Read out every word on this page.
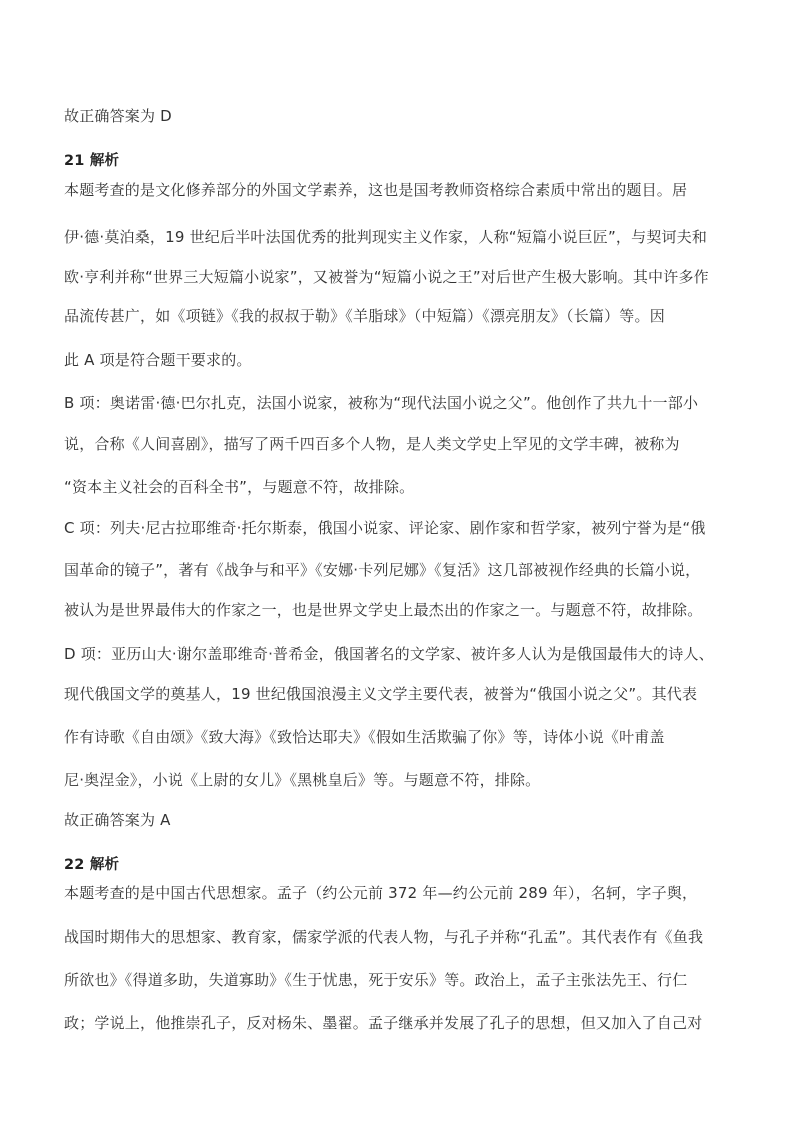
故正确答案为 D
21 解析
本题考查的是文化修养部分的外国文学素养，这也是国考教师资格综合素质中常出的题目。居
伊·德·莫泊桑，19 世纪后半叶法国优秀的批判现实主义作家，人称“短篇小说巨匠”，与契诃夫和
欧·亨利并称“世界三大短篇小说家”，又被誉为“短篇小说之王”对后世产生极大影响。其中许多作
品流传甚广，如《项链》《我的叔叔于勒》《羊脂球》（中短篇）《漂亮朋友》（长篇）等。因
此 A 项是符合题干要求的。
B 项：奥诺雷·德·巴尔扎克，法国小说家，被称为“现代法国小说之父”。他创作了共九十一部小
说，合称《人间喜剧》，描写了两千四百多个人物，是人类文学史上罕见的文学丰碑，被称为
“资本主义社会的百科全书”，与题意不符，故排除。
C 项：列夫·尼古拉耶维奇·托尔斯泰，俄国小说家、评论家、剧作家和哲学家，被列宁誉为是“俄
国革命的镜子”，著有《战争与和平》《安娜·卡列尼娜》《复活》这几部被视作经典的长篇小说，
被认为是世界最伟大的作家之一，也是世界文学史上最杰出的作家之一。与题意不符，故排除。
D 项：亚历山大·谢尔盖耶维奇·普希金，俄国著名的文学家、被许多人认为是俄国最伟大的诗人、
现代俄国文学的奠基人，19 世纪俄国浪漫主义文学主要代表，被誉为“俄国小说之父”。其代表
作有诗歌《自由颂》《致大海》《致恰达耶夫》《假如生活欺骗了你》等，诗体小说《叶甫盖
尼·奥涅金》，小说《上尉的女儿》《黑桃皇后》等。与题意不符，排除。
故正确答案为 A
22 解析
本题考查的是中国古代思想家。孟子（约公元前 372 年—约公元前 289 年），名轲，字子舆，
战国时期伟大的思想家、教育家，儒家学派的代表人物，与孔子并称“孔孟”。其代表作有《鱼我
所欲也》《得道多助，失道寡助》《生于忧患，死于安乐》等。政治上，孟子主张法先王、行仁
政；学说上，他推崇孔子，反对杨朱、墨翟。孟子继承并发展了孔子的思想，但又加入了自己对
